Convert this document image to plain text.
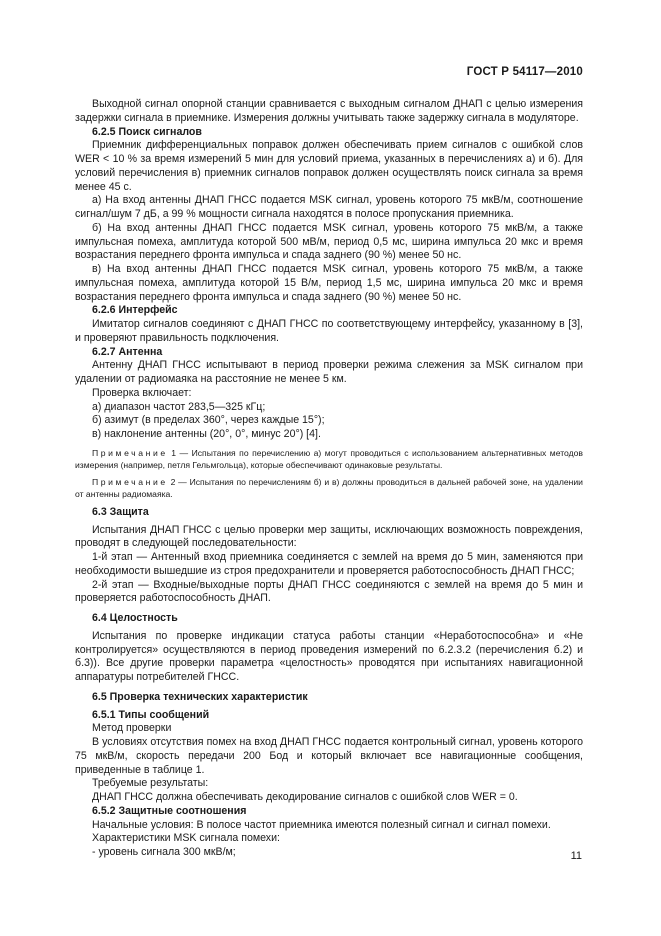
ГОСТ Р 54117—2010

Выходной сигнал опорной станции сравнивается с выходным сигналом ДНАП с целью измерения задержки сигнала в приемнике. Измерения должны учитывать также задержку сигнала в модуляторе.

6.2.5 Поиск сигналов

Приемник дифференциальных поправок должен обеспечивать прием сигналов с ошибкой слов WER < 10 % за время измерений 5 мин для условий приема, указанных в перечислениях а) и б). Для условий перечисления в) приемник сигналов поправок должен осуществлять поиск сигнала за время менее 45 с.

а) На вход антенны ДНАП ГНСС подается MSK сигнал, уровень которого 75 мкВ/м, соотношение сигнал/шум 7 дБ, а 99 % мощности сигнала находятся в полосе пропускания приемника.

б) На вход антенны ДНАП ГНСС подается MSK сигнал, уровень которого 75 мкВ/м, а также импульсная помеха, амплитуда которой 500 мВ/м, период 0,5 мс, ширина импульса 20 мкс и время возрастания переднего фронта импульса и спада заднего (90 %) менее 50 нс.

в) На вход антенны ДНАП ГНСС подается MSK сигнал, уровень которого 75 мкВ/м, а также импульсная помеха, амплитуда которой 15 В/м, период 1,5 мс, ширина импульса 20 мкс и время возрастания переднего фронта импульса и спада заднего (90 %) менее 50 нс.

6.2.6 Интерфейс

Имитатор сигналов соединяют с ДНАП ГНСС по соответствующему интерфейсу, указанному в [3], и проверяют правильность подключения.

6.2.7 Антенна

Антенну ДНАП ГНСС испытывают в период проверки режима слежения за MSK сигналом при удалении от радиомаяка на расстояние не менее 5 км.

Проверка включает:

а) диапазон частот 283,5—325 кГц;

б) азимут (в пределах 360°, через каждые 15°);

в) наклонение антенны (20°, 0°, минус 20°) [4].

Примечание 1 — Испытания по перечислению а) могут проводиться с использованием альтернативных методов измерения (например, петля Гельмгольца), которые обеспечивают одинаковые результаты.

Примечание 2 — Испытания по перечислениям б) и в) должны проводиться в дальней рабочей зоне, на удалении от антенны радиомаяка.

6.3 Защита

Испытания ДНАП ГНСС с целью проверки мер защиты, исключающих возможность повреждения, проводят в следующей последовательности:

1-й этап — Антенный вход приемника соединяется с землей на время до 5 мин, заменяются при необходимости вышедшие из строя предохранители и проверяется работоспособность ДНАП ГНСС;

2-й этап — Входные/выходные порты ДНАП ГНСС соединяются с землей на время до 5 мин и проверяется работоспособность ДНАП.

6.4 Целостность

Испытания по проверке индикации статуса работы станции «Неработоспособна» и «Не контролируется» осуществляются в период проведения измерений по 6.2.3.2 (перечисления б.2) и б.3)). Все другие проверки параметра «целостность» проводятся при испытаниях навигационной аппаратуры потребителей ГНСС.

6.5 Проверка технических характеристик

6.5.1 Типы сообщений

Метод проверки

В условиях отсутствия помех на вход ДНАП ГНСС подается контрольный сигнал, уровень которого 75 мкВ/м, скорость передачи 200 Бод и который включает все навигационные сообщения, приведенные в таблице 1.

Требуемые результаты:

ДНАП ГНСС должна обеспечивать декодирование сигналов с ошибкой слов WER = 0.

6.5.2 Защитные соотношения

Начальные условия: В полосе частот приемника имеются полезный сигнал и сигнал помехи.

Характеристики MSK сигнала помехи:

- уровень сигнала 300 мкВ/м;	11
